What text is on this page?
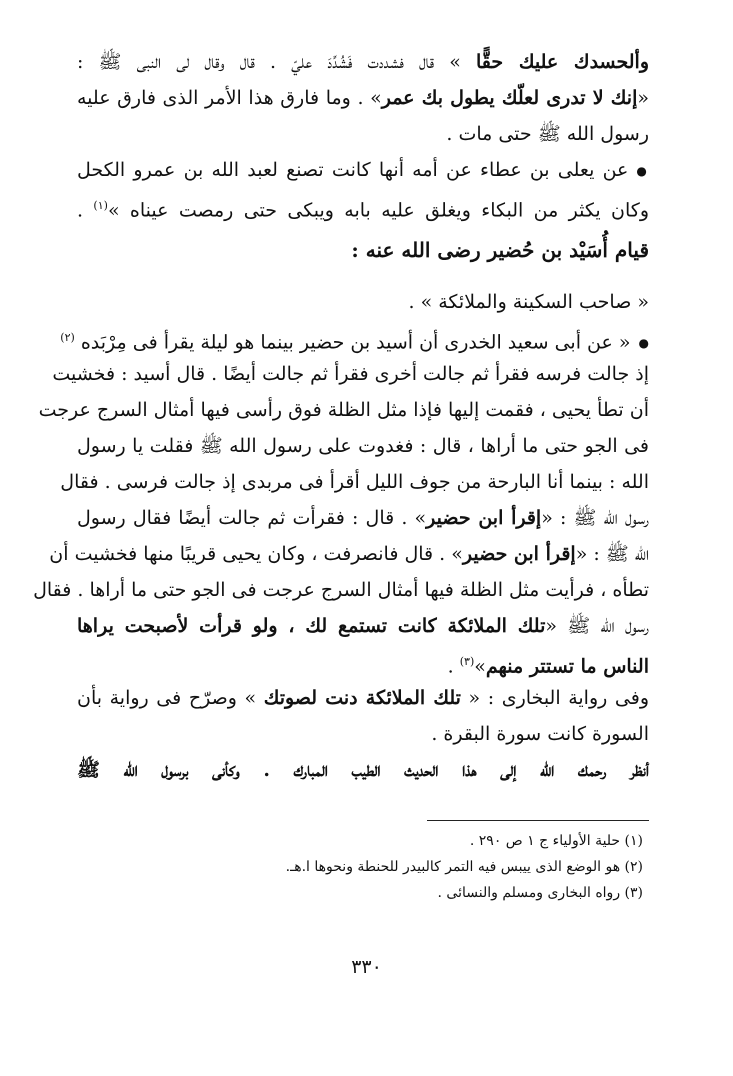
وألحسدك عليك حقًّا » قال فشددت فَشُدِّدَ عليّ . قال وقال لى النبى ﷺ :
«إنك لا تدرى لعلّك يطول بك عمر» . وما فارق هذا الأمر الذى فارق عليه
رسول الله ﷺ حتى مات .
● عن يعلى بن عطاء عن أمه أنها كانت تصنع لعبد الله بن عمرو الكحل
وكان يكثر من البكاء ويغلق عليه بابه ويبكى حتى رمصت عيناه »$^{(١)}$ .
قيام أُسَيْد بن حُضير رضى الله عنه :
« صاحب السكينة والملائكة » .
● « عن أبى سعيد الخدرى أن أسيد بن حضير بينما هو ليلة يقرأ فى مِرْبَده $^{(٢)}$
إذ جالت فرسه فقرأ ثم جالت أخرى فقرأ ثم جالت أيضًا . قال أسيد : فخشيت
أن تطأ يحيى ، فقمت إليها فإذا مثل الظلة فوق رأسى فيها أمثال السرج عرجت
فى الجو حتى ما أراها ، قال : فغدوت على رسول الله ﷺ فقلت يا رسول
الله : بينما أنا البارحة من جوف الليل أقرأ فى مربدى إذ جالت فرسى . فقال
رسول الله ﷺ : «إقرأ ابن حضير» . قال : فقرأت ثم جالت أيضًا فقال رسول
الله ﷺ : «إقرأ ابن حضير» . قال فانصرفت ، وكان يحيى قريبًا منها فخشيت أن
تطأه ، فرأيت مثل الظلة فيها أمثال السرج عرجت فى الجو حتى ما أراها . فقال
رسول الله ﷺ «تلك الملائكة كانت تستمع لك ، ولو قرأت لأصبحت يراها
الناس ما تستتر منهم»$^{(٣)}$ .
وفى رواية البخارى : « تلك الملائكة دنت لصوتك » وصرّح فى رواية بأن
السورة كانت سورة البقرة .
أنظر رحمك الله إلى هذا الحديث الطيب المبارك . وكأنى برسول الله ﷺ
(١) حلية الأولياء ج ١ ص ٢٩٠ .
(٢) هو الوضع الذى ييبس فيه التمر كالبيدر للحنطة ونحوها ا.هـ.
(٣) رواه البخارى ومسلم والنسائى .
٣٣٠
